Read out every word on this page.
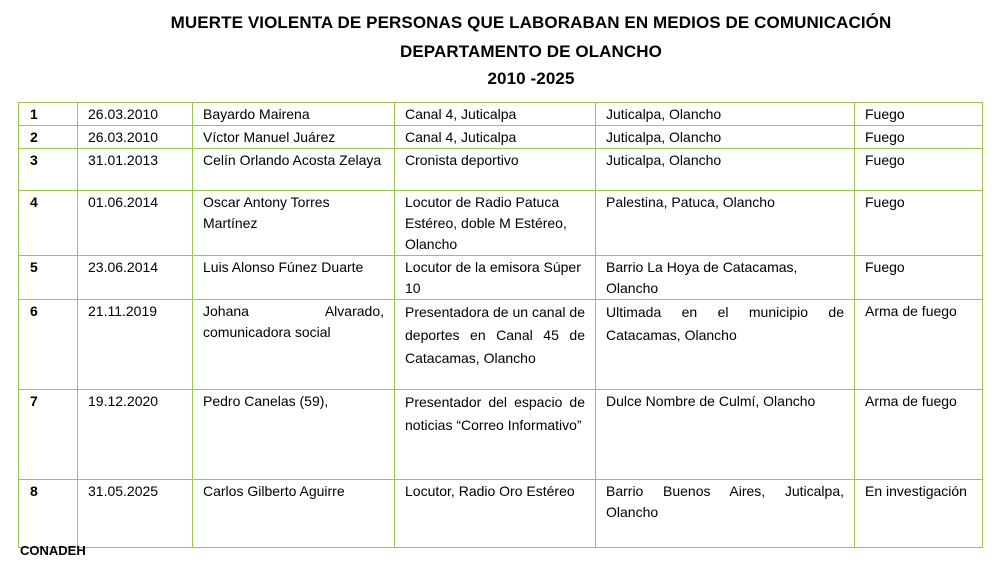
MUERTE VIOLENTA DE PERSONAS QUE LABORABAN EN MEDIOS DE COMUNICACIÓN
DEPARTAMENTO DE OLANCHO
2010 -2025
1	26.03.2010	Bayardo Mairena	Canal 4, Juticalpa	Juticalpa, Olancho	Fuego
2	26.03.2010	Víctor Manuel Juárez	Canal 4, Juticalpa	Juticalpa, Olancho	Fuego
3	31.01.2013	Celín Orlando Acosta Zelaya	Cronista deportivo	Juticalpa, Olancho	Fuego
4	01.06.2014	Oscar Antony Torres Martínez	Locutor de Radio Patuca Estéreo, doble M Estéreo, Olancho	Palestina, Patuca, Olancho	Fuego
5	23.06.2014	Luis Alonso Fúnez Duarte	Locutor de la emisora Súper 10	Barrio La Hoya de Catacamas, Olancho	Fuego
6	21.11.2019	Johana Alvarado, comunicadora social	Presentadora de un canal de deportes en Canal 45 de Catacamas, Olancho	Ultimada en el municipio de Catacamas, Olancho	Arma de fuego
7	19.12.2020	Pedro Canelas (59),	Presentador del espacio de noticias “Correo Informativo”	Dulce Nombre de Culmí, Olancho	Arma de fuego
8	31.05.2025	Carlos Gilberto Aguirre	Locutor, Radio Oro Estéreo	Barrio Buenos Aires, Juticalpa, Olancho	En investigación
CONADEH
